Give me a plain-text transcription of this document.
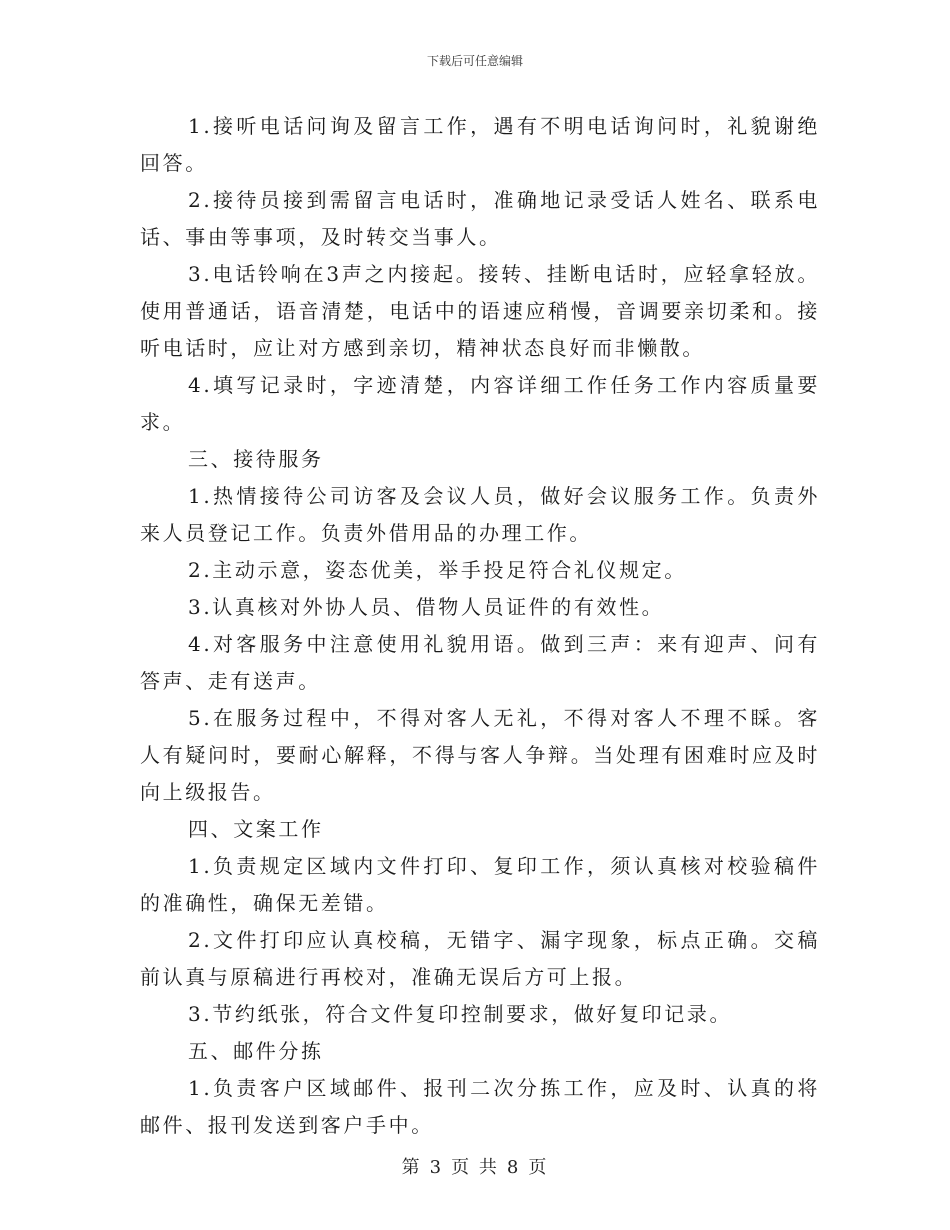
下载后可任意编辑

1.接听电话问询及留言工作，遇有不明电话询问时，礼貌谢绝回答。

2.接待员接到需留言电话时，准确地记录受话人姓名、联系电话、事由等事项，及时转交当事人。

3.电话铃响在3声之内接起。接转、挂断电话时，应轻拿轻放。使用普通话，语音清楚，电话中的语速应稍慢，音调要亲切柔和。接听电话时，应让对方感到亲切，精神状态良好而非懒散。

4.填写记录时，字迹清楚，内容详细工作任务工作内容质量要求。

三、接待服务

1.热情接待公司访客及会议人员，做好会议服务工作。负责外来人员登记工作。负责外借用品的办理工作。

2.主动示意，姿态优美，举手投足符合礼仪规定。

3.认真核对外协人员、借物人员证件的有效性。

4.对客服务中注意使用礼貌用语。做到三声：来有迎声、问有答声、走有送声。

5.在服务过程中，不得对客人无礼，不得对客人不理不睬。客人有疑问时，要耐心解释，不得与客人争辩。当处理有困难时应及时向上级报告。

四、文案工作

1.负责规定区域内文件打印、复印工作，须认真核对校验稿件的准确性，确保无差错。

2.文件打印应认真校稿，无错字、漏字现象，标点正确。交稿前认真与原稿进行再校对，准确无误后方可上报。

3.节约纸张，符合文件复印控制要求，做好复印记录。

五、邮件分拣

1.负责客户区域邮件、报刊二次分拣工作，应及时、认真的将邮件、报刊发送到客户手中。

第 3 页 共 8 页
